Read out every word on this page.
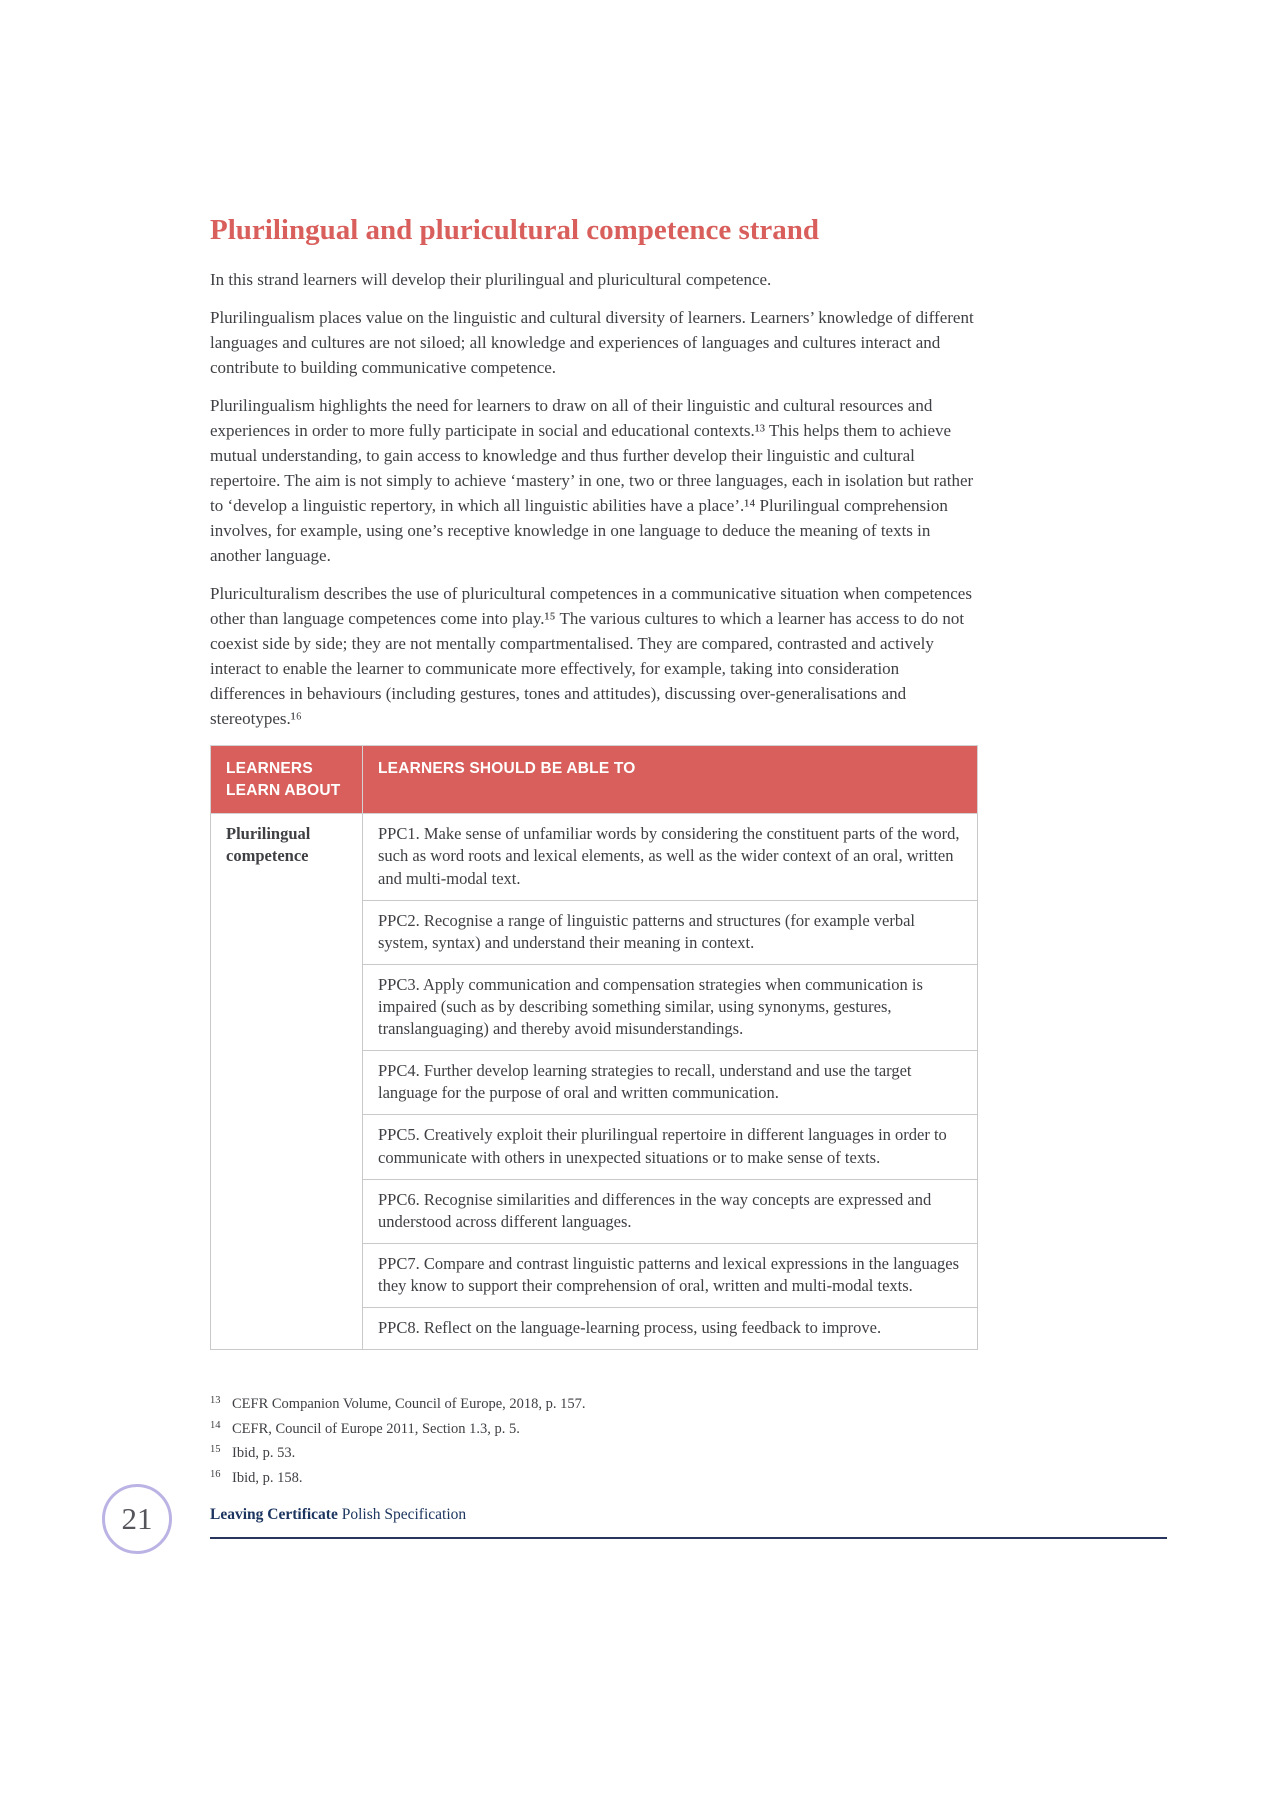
Plurilingual and pluricultural competence strand

In this strand learners will develop their plurilingual and pluricultural competence.

Plurilingualism places value on the linguistic and cultural diversity of learners. Learners’ knowledge of different languages and cultures are not siloed; all knowledge and experiences of languages and cultures interact and contribute to building communicative competence.

Plurilingualism highlights the need for learners to draw on all of their linguistic and cultural resources and experiences in order to more fully participate in social and educational contexts.¹³ This helps them to achieve mutual understanding, to gain access to knowledge and thus further develop their linguistic and cultural repertoire. The aim is not simply to achieve ‘mastery’ in one, two or three languages, each in isolation but rather to ‘develop a linguistic repertory, in which all linguistic abilities have a place’.¹⁴ Plurilingual comprehension involves, for example, using one’s receptive knowledge in one language to deduce the meaning of texts in another language.

Pluriculturalism describes the use of pluricultural competences in a communicative situation when competences other than language competences come into play.¹⁵ The various cultures to which a learner has access to do not coexist side by side; they are not mentally compartmentalised. They are compared, contrasted and actively interact to enable the learner to communicate more effectively, for example, taking into consideration differences in behaviours (including gestures, tones and attitudes), discussing over-generalisations and stereotypes.¹⁶

LEARNERS LEARN ABOUT	LEARNERS SHOULD BE ABLE TO
Plurilingual competence	PPC1. Make sense of unfamiliar words by considering the constituent parts of the word, such as word roots and lexical elements, as well as the wider context of an oral, written and multi-modal text.
	PPC2. Recognise a range of linguistic patterns and structures (for example verbal system, syntax) and understand their meaning in context.
	PPC3. Apply communication and compensation strategies when communication is impaired (such as by describing something similar, using synonyms, gestures, translanguaging) and thereby avoid misunderstandings.
	PPC4. Further develop learning strategies to recall, understand and use the target language for the purpose of oral and written communication.
	PPC5. Creatively exploit their plurilingual repertoire in different languages in order to communicate with others in unexpected situations or to make sense of texts.
	PPC6. Recognise similarities and differences in the way concepts are expressed and understood across different languages.
	PPC7. Compare and contrast linguistic patterns and lexical expressions in the languages they know to support their comprehension of oral, written and multi-modal texts.
	PPC8. Reflect on the language-learning process, using feedback to improve.
13 CEFR Companion Volume, Council of Europe, 2018, p. 157.
14 CEFR, Council of Europe 2011, Section 1.3, p. 5.
15 Ibid, p. 53.
16 Ibid, p. 158.
21	Leaving Certificate Polish Specification
